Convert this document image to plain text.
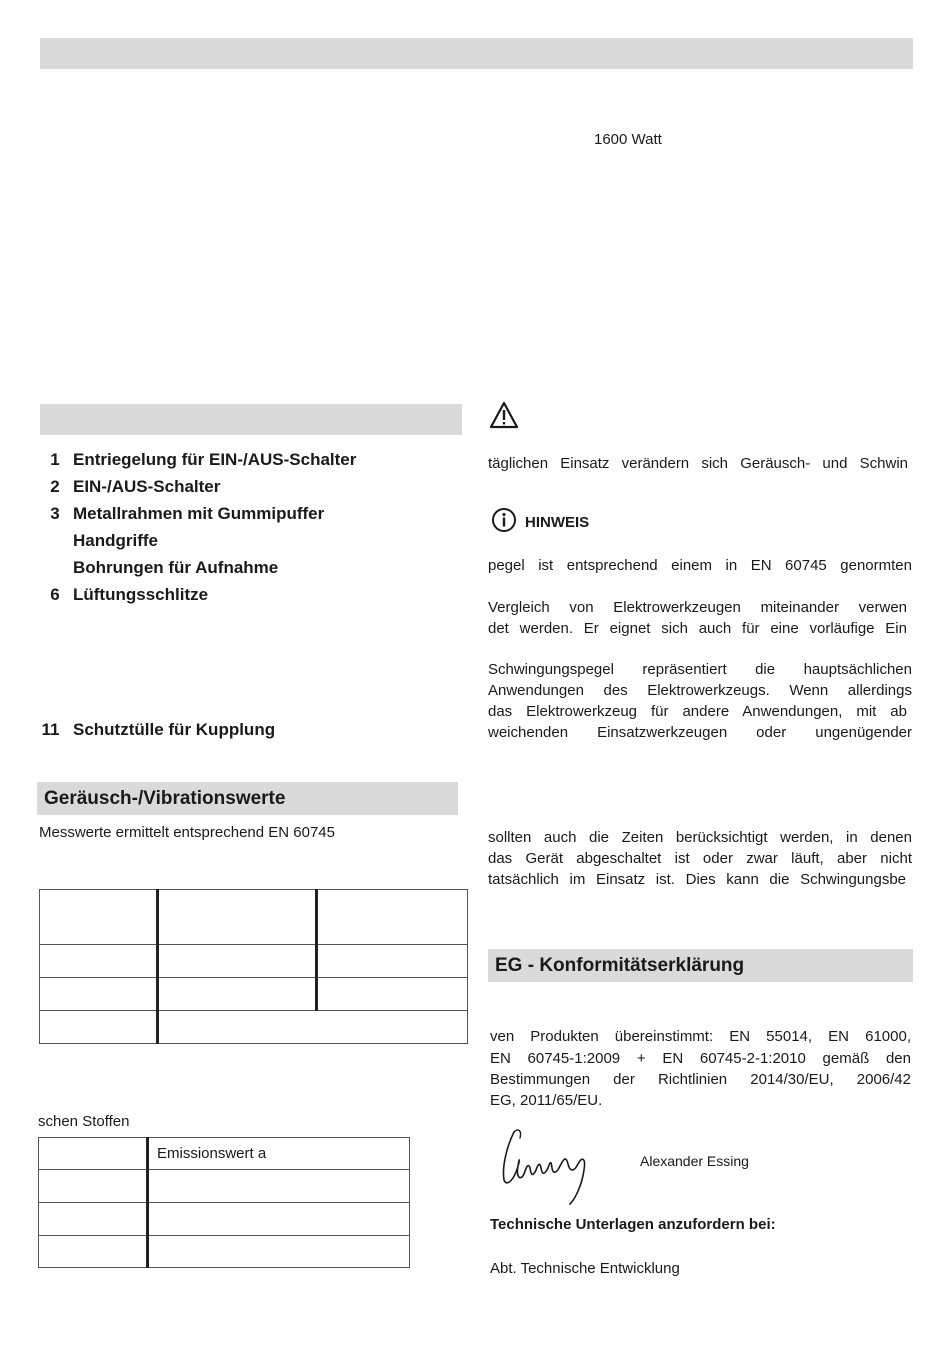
1600 Watt
1 Entriegelung für EIN-/AUS-Schalter
2 EIN-/AUS-Schalter
3 Metallrahmen mit Gummipuffer
Handgriffe
Bohrungen für Aufnahme
6 Lüftungsschlitze
11 Schutztülle für Kupplung
Geräusch-/Vibrationswerte
Messwerte ermittelt entsprechend EN 60745

schen Stoffen
	Emissionswert a

täglichen Einsatz verändern sich Geräusch- und Schwin
HINWEIS
pegel ist entsprechend einem in EN 60745 genormten
Vergleich von Elektrowerkzeugen miteinander verwen
det werden. Er eignet sich auch für eine vorläufige Ein
Schwingungspegel repräsentiert die hauptsächlichen
Anwendungen des Elektrowerkzeugs. Wenn allerdings
das Elektrowerkzeug für andere Anwendungen, mit ab
weichenden Einsatzwerkzeugen oder ungenügender
sollten auch die Zeiten berücksichtigt werden, in denen
das Gerät abgeschaltet ist oder zwar läuft, aber nicht
tatsächlich im Einsatz ist. Dies kann die Schwingungsbe
EG - Konformitätserklärung
ven Produkten übereinstimmt: EN 55014, EN 61000,
EN 60745-1:2009 + EN 60745-2-1:2010 gemäß den
Bestimmungen der Richtlinien 2014/30/EU, 2006/42
EG, 2011/65/EU.
Alexander Essing
Technische Unterlagen anzufordern bei:
Abt. Technische Entwicklung
